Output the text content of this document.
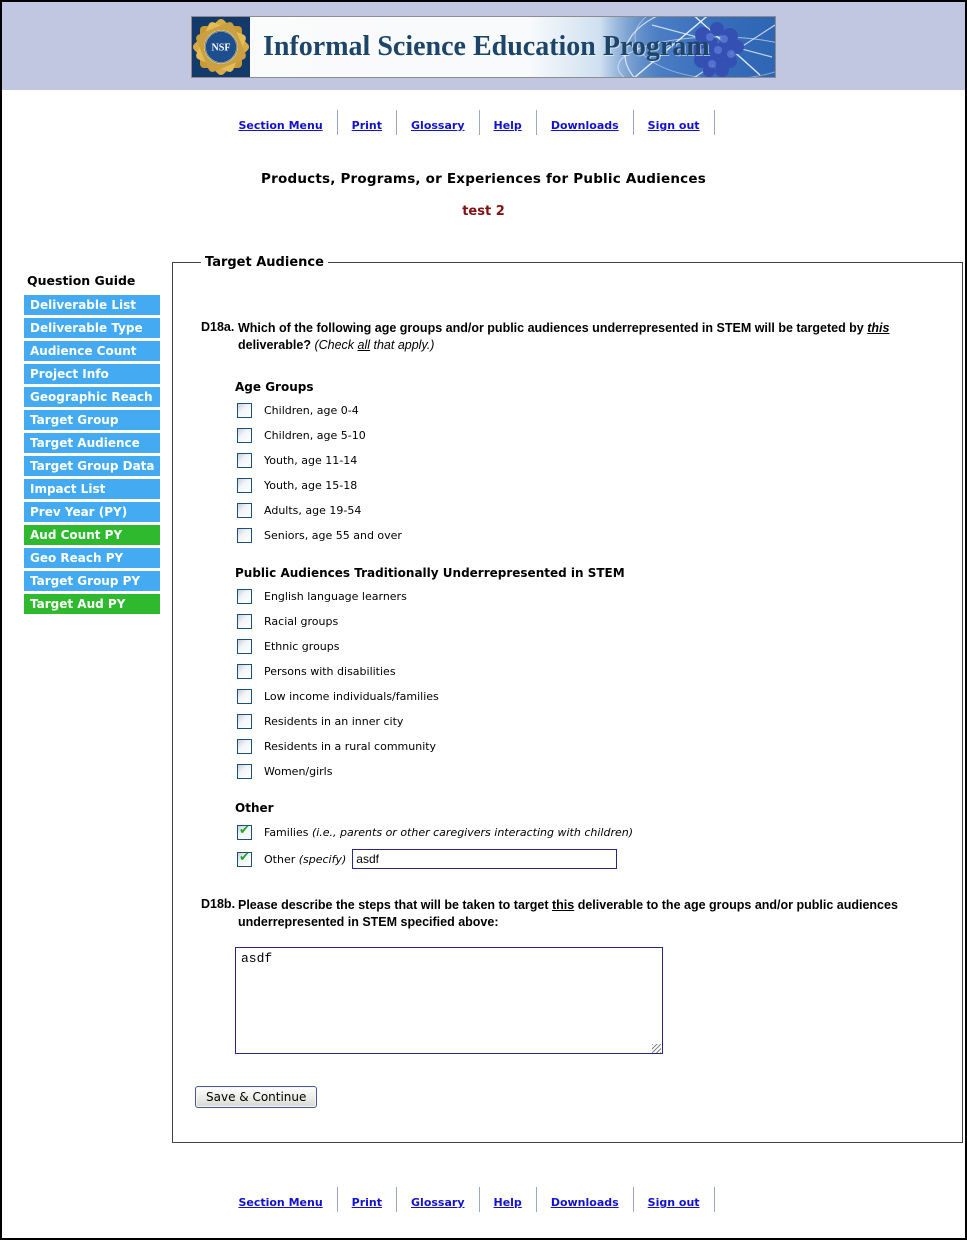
NSF	Informal Science Education Program
Section Menu	Print	Glossary	Help	Downloads	Sign out
Products, Programs, or Experiences for Public Audiences
test 2
Question Guide
Deliverable List
Deliverable Type
Audience Count
Project Info
Geographic Reach
Target Group
Target Audience
Target Group Data
Impact List
Prev Year (PY)
Aud Count PY
Geo Reach PY
Target Group PY
Target Aud PY
Target Audience
D18a. Which of the following age groups and/or public audiences underrepresented in STEM will be targeted by this deliverable? (Check all that apply.)
Age Groups
Children, age 0-4
Children, age 5-10
Youth, age 11-14
Youth, age 15-18
Adults, age 19-54
Seniors, age 55 and over
Public Audiences Traditionally Underrepresented in STEM
English language learners
Racial groups
Ethnic groups
Persons with disabilities
Low income individuals/families
Residents in an inner city
Residents in a rural community
Women/girls
Other
✔
Families (i.e., parents or other caregivers interacting with children)
✔
Other (specify)
asdf
D18b. Please describe the steps that will be taken to target this deliverable to the age groups and/or public audiences underrepresented in STEM specified above:
asdf
Save & Continue
Section Menu	Print	Glossary	Help	Downloads	Sign out
